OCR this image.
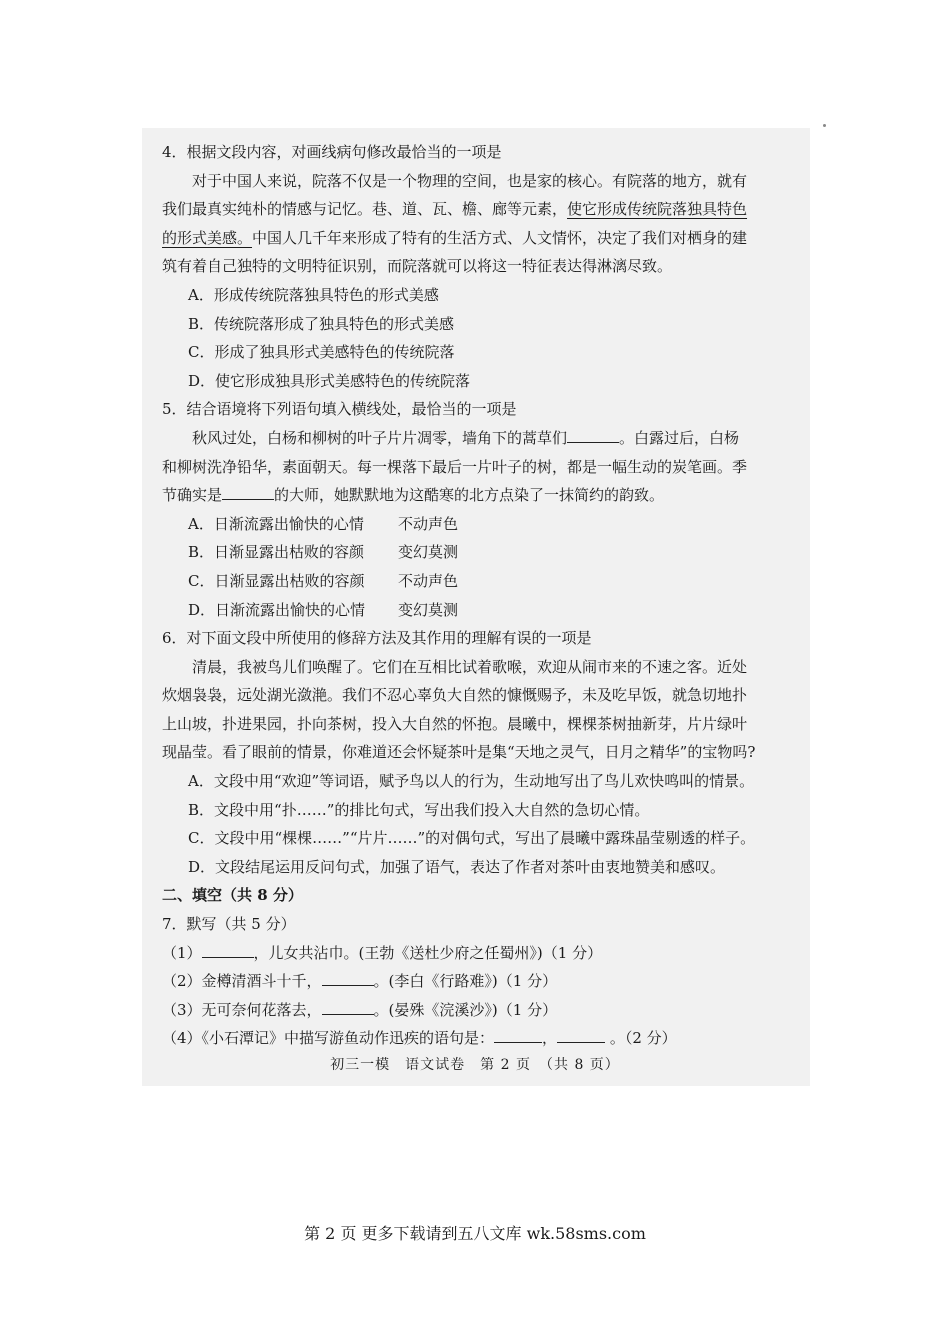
4．根据文段内容，对画线病句修改最恰当的一项是
对于中国人来说，院落不仅是一个物理的空间，也是家的核心。有院落的地方，就有
我们最真实纯朴的情感与记忆。巷、道、瓦、檐、廊等元素，使它形成传统院落独具特色
的形式美感。中国人几千年来形成了特有的生活方式、人文情怀，决定了我们对栖身的建
筑有着自己独特的文明特征识别，而院落就可以将这一特征表达得淋漓尽致。
A．形成传统院落独具特色的形式美感
B．传统院落形成了独具特色的形式美感
C．形成了独具形式美感特色的传统院落
D．使它形成独具形式美感特色的传统院落
5．结合语境将下列语句填入横线处，最恰当的一项是
秋风过处，白杨和柳树的叶子片片凋零，墙角下的蒿草们	。白露过后，白杨
和柳树洗净铅华，素面朝天。每一棵落下最后一片叶子的树，都是一幅生动的炭笔画。季
节确实是	的大师，她默默地为这酷寒的北方点染了一抹简约的韵致。
A．日渐流露出愉快的心情 不动声色
B．日渐显露出枯败的容颜 变幻莫测
C．日渐显露出枯败的容颜 不动声色
D．日渐流露出愉快的心情 变幻莫测
6．对下面文段中所使用的修辞方法及其作用的理解有误的一项是
清晨，我被鸟儿们唤醒了。它们在互相比试着歌喉，欢迎从闹市来的不速之客。近处
炊烟袅袅，远处湖光潋滟。我们不忍心辜负大自然的慷慨赐予，未及吃早饭，就急切地扑
上山坡，扑进果园，扑向茶树，投入大自然的怀抱。晨曦中，棵棵茶树抽新芽，片片绿叶
现晶莹。看了眼前的情景，你难道还会怀疑茶叶是集“天地之灵气，日月之精华”的宝物吗?
A．文段中用“欢迎”等词语，赋予鸟以人的行为，生动地写出了鸟儿欢快鸣叫的情景。
B．文段中用“扑……”的排比句式，写出我们投入大自然的急切心情。
C．文段中用“棵棵……”“片片……”的对偶句式，写出了晨曦中露珠晶莹剔透的样子。
D．文段结尾运用反问句式，加强了语气，表达了作者对茶叶由衷地赞美和感叹。
二、填空（共 8 分）
7．默写（共 5 分）
（1）	，儿女共沾巾。(王勃《送杜少府之任蜀州》)（1 分）
（2）金樽清酒斗十千，	。(李白《行路难》)（1 分）
（3）无可奈何花落去，	。(晏殊《浣溪沙》)（1 分）
（4）《小石潭记》中描写游鱼动作迅疾的语句是：	，	。（2 分）
初三一模　语文试卷　第 2 页　（共 8 页）
第 2 页 更多下载请到五八文库 wk.58sms.com
